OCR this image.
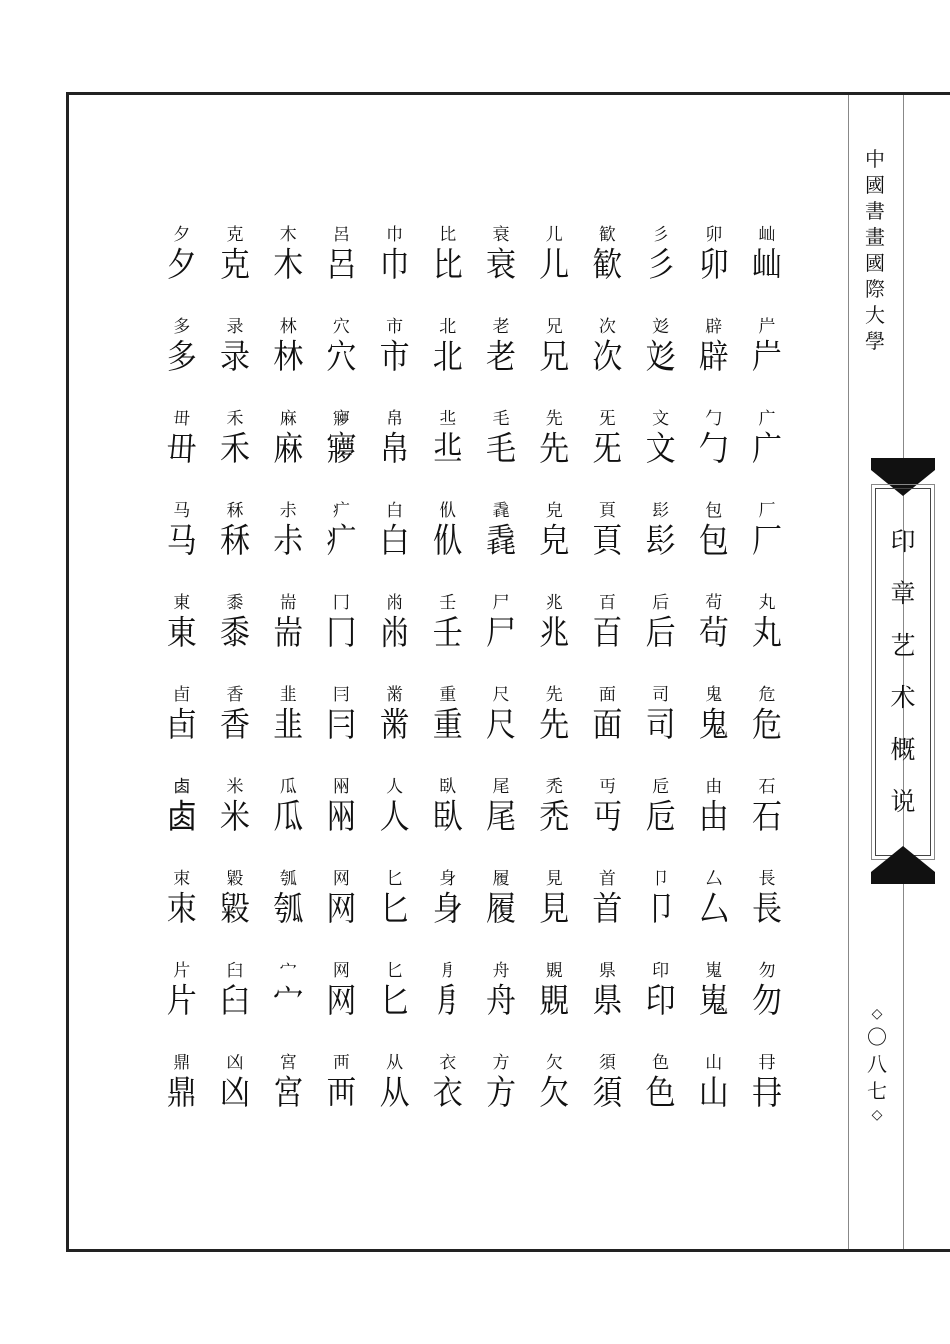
中
國
書
畫
國
際
大
學
印
章
艺
术
概
说
◇
〇
八
七
◇
屾
屾
屵
屵
广
广
厂
厂
丸
丸
危
危
石
石
長
長
勿
勿
冄
冄
卯
卯
辟
辟
勹
勹
包
包
茍
茍
鬼
鬼
由
由
厶
厶
嵬
嵬
山
山
彡
彡
彣
彣
文
文
髟
髟
后
后
司
司
卮
卮
卩
卩
印
印
色
色
歓
歓
次
次
旡
旡
頁
頁
百
百
面
面
丏
丏
首
首
県
県
須
須
儿
儿
兄
兄
先
先
皃
皃
兆
兆
先
先
禿
禿
見
見
覞
覞
欠
欠
衰
衰
老
老
毛
毛
毳
毳
尸
尸
尺
尺
尾
尾
履
履
舟
舟
方
方
比
比
北
北
丠
丠
㐺
㐺
壬
壬
重
重
臥
臥
身
身
㐆
㐆
衣
衣
巾
巾
市
市
帛
帛
白
白
㡀
㡀
黹
黹
人
人
匕
匕
匕
匕
从
从
呂
呂
穴
穴
㝱
㝱
疒
疒
冂
冂
冃
冃
㒳
㒳
网
网
网
网
襾
襾
木
木
林
林
麻
麻
尗
尗
耑
耑
韭
韭
瓜
瓜
瓠
瓠
宀
宀
宮
宮
克
克
录
录
禾
禾
秝
秝
黍
黍
香
香
米
米
毇
毇
臼
臼
凶
凶
夕
夕
多
多
毌
毌
马
马
東
東
卣
卣
𠧪
𠧪
朿
朿
片
片
鼎
鼎
